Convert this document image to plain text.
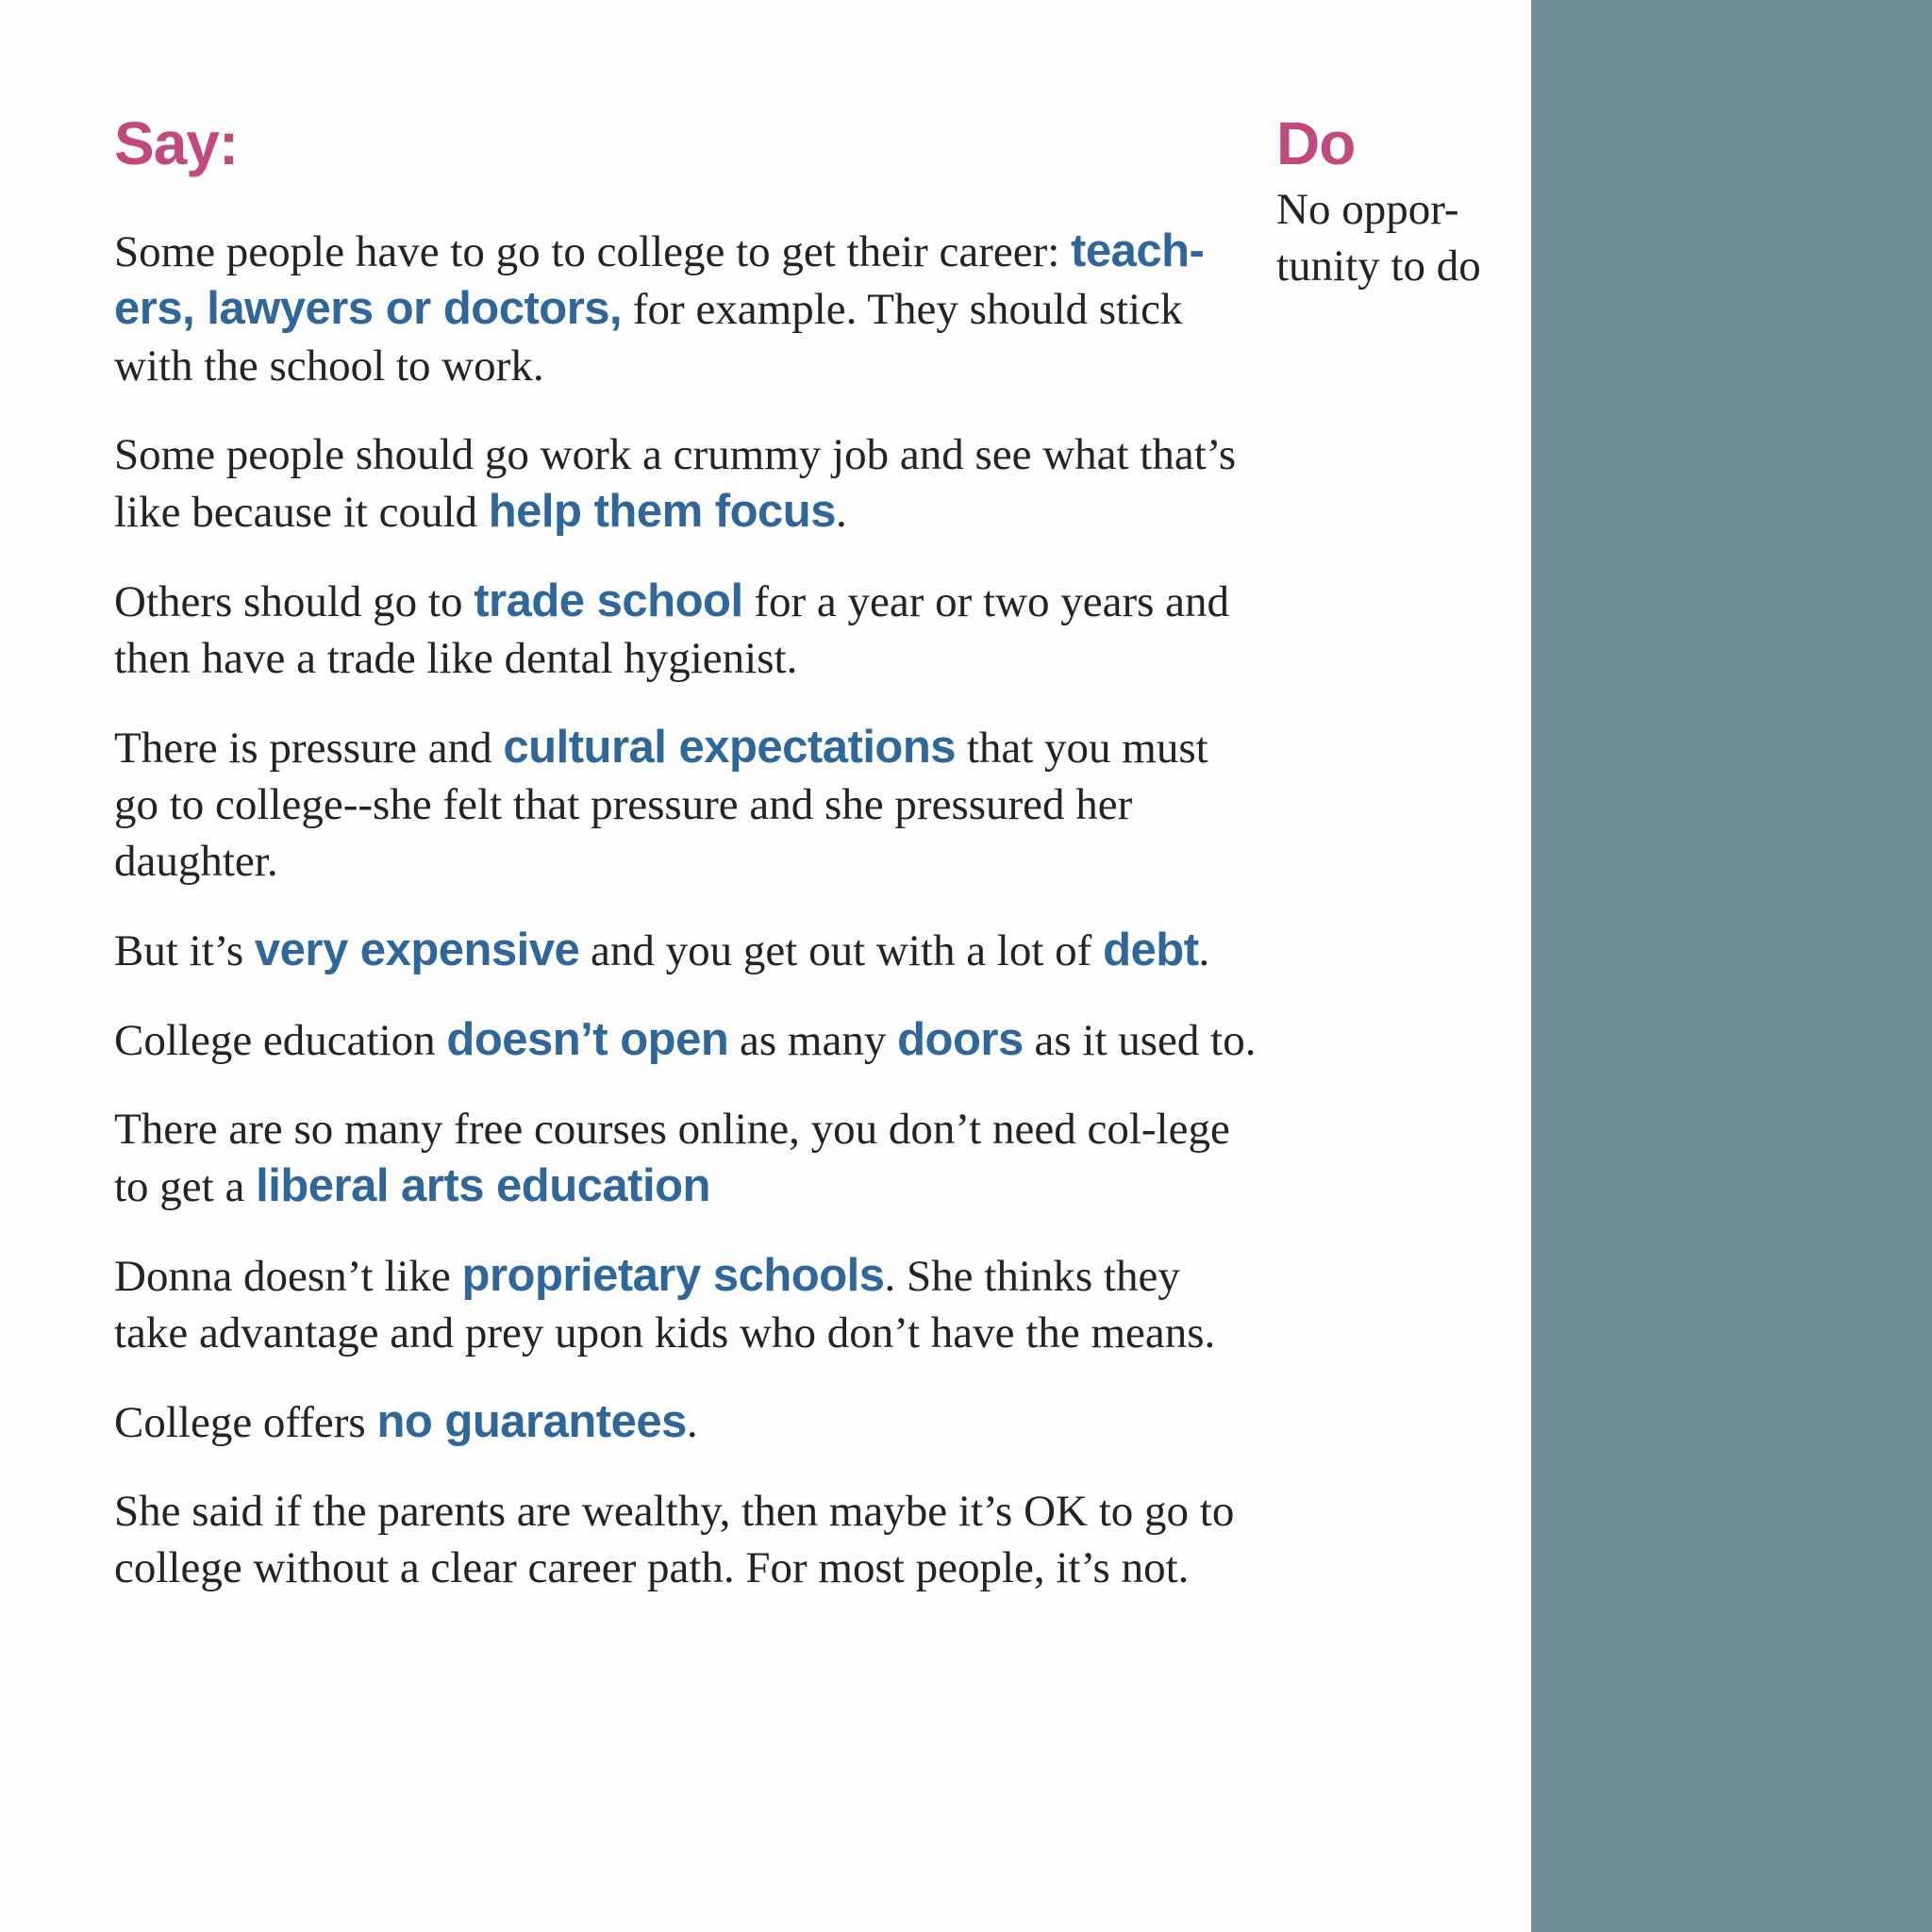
Say:

Some people have to go to college to get their career: teach-ers, lawyers or doctors, for example. They should stick with the school to work.

Some people should go work a crummy job and see what that’s like because it could help them focus.

Others should go to trade school for a year or two years and then have a trade like dental hygienist.

There is pressure and cultural expectations that you must go to college--she felt that pressure and she pressured her daughter.

But it’s very expensive and you get out with a lot of debt.

College education doesn’t open as many doors as it used to.

There are so many free courses online, you don’t need col-lege to get a liberal arts education

Donna doesn’t like proprietary schools. She thinks they take advantage and prey upon kids who don’t have the means.

College offers no guarantees.

She said if the parents are wealthy, then maybe it’s OK to go to college without a clear career path. For most people, it’s not.

Do

No oppor-
tunity to do
